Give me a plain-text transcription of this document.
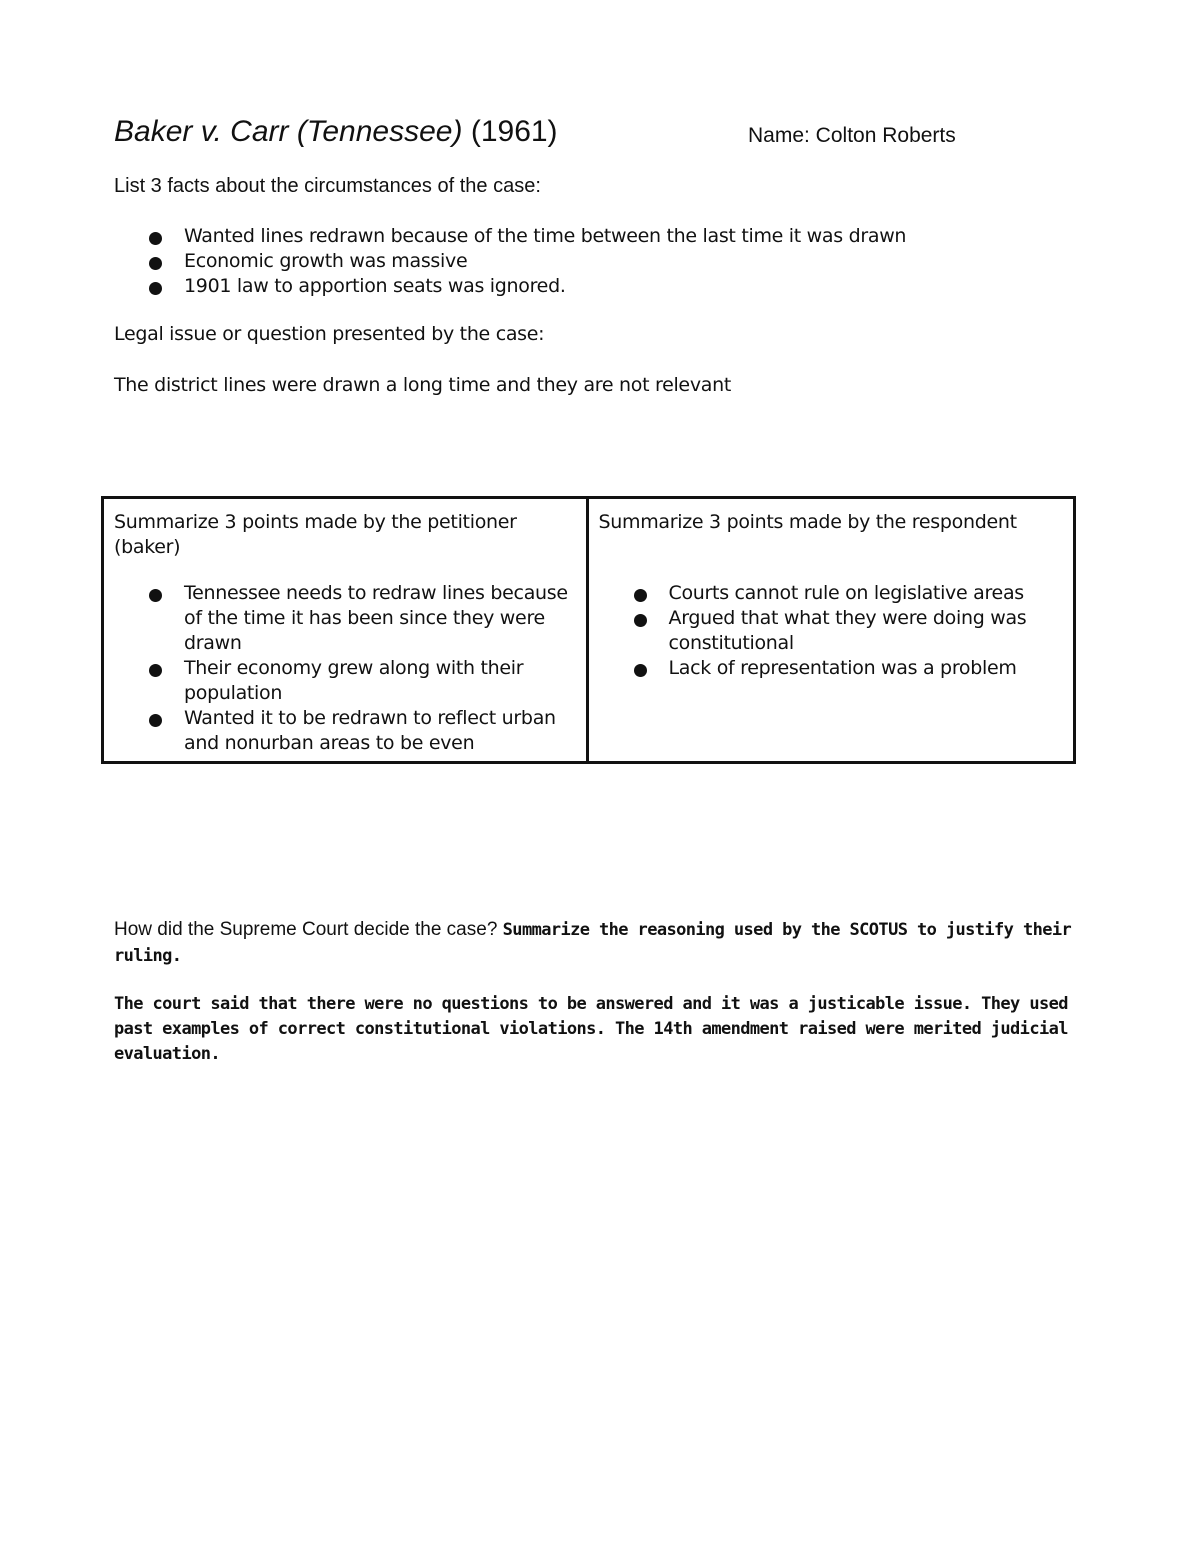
Baker v. Carr (Tennessee) (1961)	Name: Colton Roberts
List 3 facts about the circumstances of the case:
Wanted lines redrawn because of the time between the last time it was drawn
Economic growth was massive
1901 law to apportion seats was ignored.
Legal issue or question presented by the case:
The district lines were drawn a long time and they are not relevant
Summarize 3 points made by the petitioner (baker)
Tennessee needs to redraw lines because of the time it has been since they were drawn
Their economy grew along with their population
Wanted it to be redrawn to reflect urban and nonurban areas to be even
Summarize 3 points made by the respondent
Courts cannot rule on legislative areas
Argued that what they were doing was constitutional
Lack of representation was a problem
How did the Supreme Court decide the case? Summarize the reasoning used by the SCOTUS to justify their ruling.
The court said that there were no questions to be answered and it was a justicable issue. They used past examples of correct constitutional violations. The 14th amendment raised were merited judicial evaluation.
